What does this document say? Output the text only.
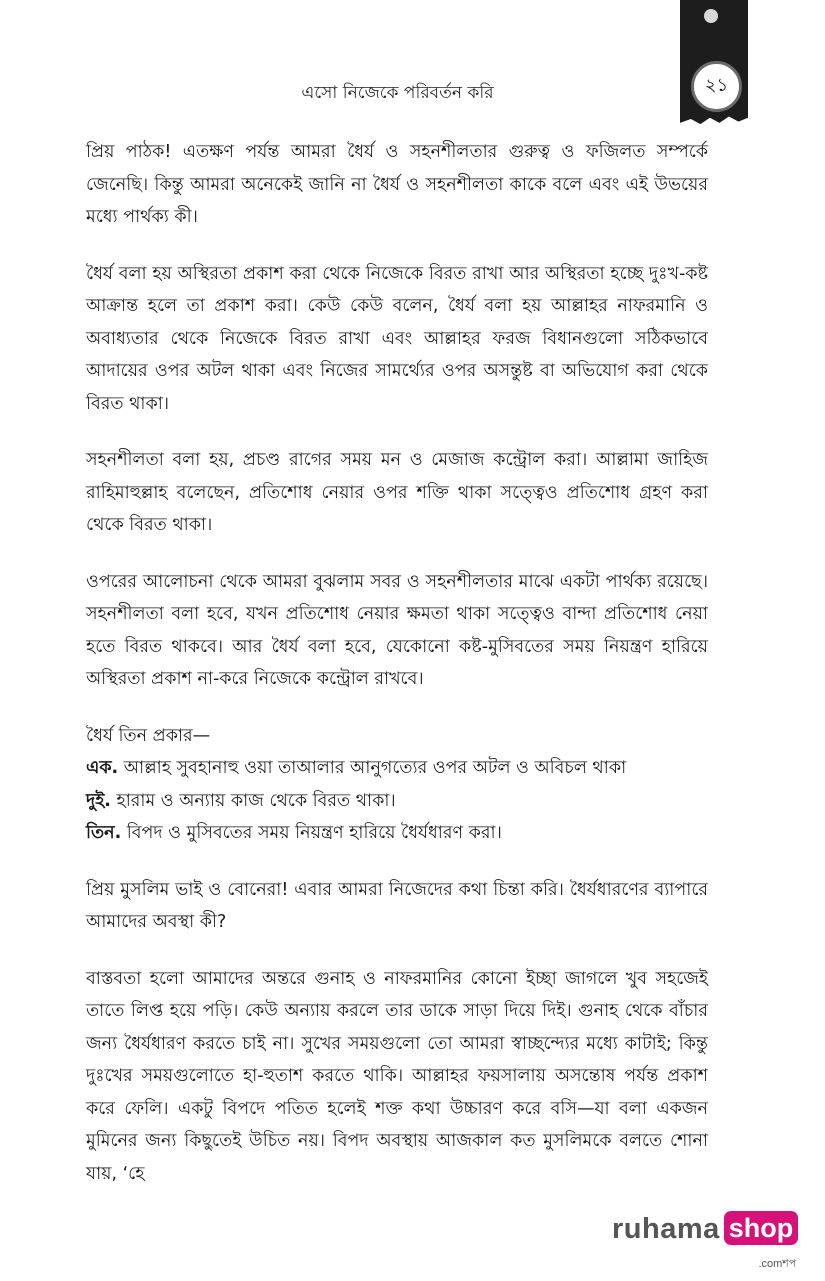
২১
এসো নিজেকে পরিবর্তন করি

প্রিয় পাঠক! এতক্ষণ পর্যন্ত আমরা ধৈর্য ও সহনশীলতার গুরুত্ব ও ফজিলত সম্পর্কে জেনেছি। কিন্তু আমরা অনেকেই জানি না ধৈর্য ও সহনশীলতা কাকে বলে এবং এই উভয়ের মধ্যে পার্থক্য কী।

ধৈর্য বলা হয় অস্থিরতা প্রকাশ করা থেকে নিজেকে বিরত রাখা আর অস্থিরতা হচ্ছে দুঃখ-কষ্ট আক্রান্ত হলে তা প্রকাশ করা। কেউ কেউ বলেন, ধৈর্য বলা হয় আল্লাহর নাফরমানি ও অবাধ্যতার থেকে নিজেকে বিরত রাখা এবং আল্লাহর ফরজ বিধানগুলো সঠিকভাবে আদায়ের ওপর অটল থাকা এবং নিজের সামর্থ্যের ওপর অসন্তুষ্ট বা অভিযোগ করা থেকে বিরত থাকা।

সহনশীলতা বলা হয়, প্রচণ্ড রাগের সময় মন ও মেজাজ কন্ট্রোল করা। আল্লামা জাহিজ রাহিমাহুল্লাহ বলেছেন, প্রতিশোধ নেয়ার ওপর শক্তি থাকা সত্ত্বেও প্রতিশোধ গ্রহণ করা থেকে বিরত থাকা।

ওপরের আলোচনা থেকে আমরা বুঝলাম সবর ও সহনশীলতার মাঝে একটা পার্থক্য রয়েছে। সহনশীলতা বলা হবে, যখন প্রতিশোধ নেয়ার ক্ষমতা থাকা সত্ত্বেও বান্দা প্রতিশোধ নেয়া হতে বিরত থাকবে। আর ধৈর্য বলা হবে, যেকোনো কষ্ট-মুসিবতের সময় নিয়ন্ত্রণ হারিয়ে অস্থিরতা প্রকাশ না-করে নিজেকে কন্ট্রোল রাখবে।

ধৈর্য তিন প্রকার—
এক. আল্লাহ সুবহানাহু ওয়া তাআলার আনুগত্যের ওপর অটল ও অবিচল থাকা
দুই. হারাম ও অন্যায় কাজ থেকে বিরত থাকা।
তিন. বিপদ ও মুসিবতের সময় নিয়ন্ত্রণ হারিয়ে ধৈর্যধারণ করা।

প্রিয় মুসলিম ভাই ও বোনেরা! এবার আমরা নিজেদের কথা চিন্তা করি। ধৈর্যধারণের ব্যাপারে আমাদের অবস্থা কী?

বাস্তবতা হলো আমাদের অন্তরে গুনাহ ও নাফরমানির কোনো ইচ্ছা জাগলে খুব সহজেই তাতে লিপ্ত হয়ে পড়ি। কেউ অন্যায় করলে তার ডাকে সাড়া দিয়ে দিই। গুনাহ থেকে বাঁচার জন্য ধৈর্যধারণ করতে চাই না। সুখের সময়গুলো তো আমরা স্বাচ্ছন্দ্যের মধ্যে কাটাই; কিন্তু দুঃখের সময়গুলোতে হা-হুতাশ করতে থাকি। আল্লাহর ফয়সালায় অসন্তোষ পর্যন্ত প্রকাশ করে ফেলি। একটু বিপদে পতিত হলেই শক্ত কথা উচ্চারণ করে বসি—যা বলা একজন মুমিনের জন্য কিছুতেই উচিত নয়। বিপদ অবস্থায় আজকাল কত মুসলিমকে বলতে শোনা যায়, ‘হে

ruhama shop
.comশপ
